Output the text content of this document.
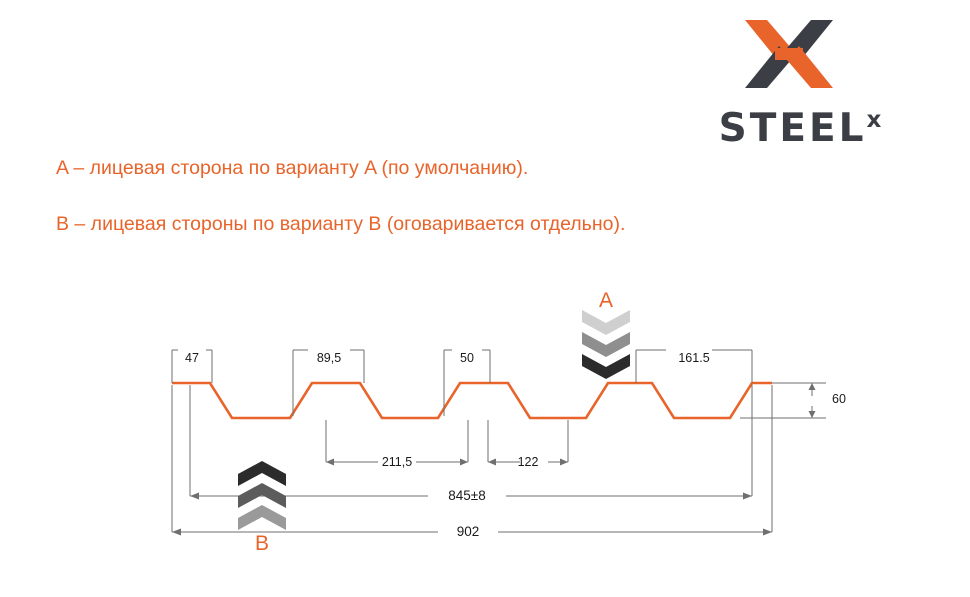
STEEL$^x$
A – лицевая сторона по варианту A (по умолчанию).
B – лицевая стороны по варианту B (оговаривается отдельно).
47	89,5	50	161.5
60
211,5	122
845±8
902
A
B
